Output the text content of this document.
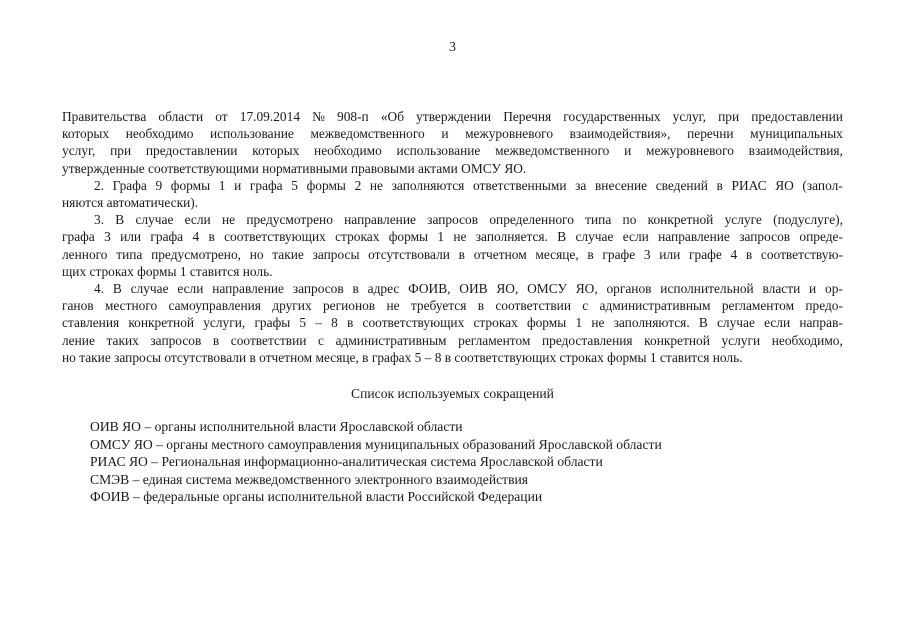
3
Правительства области от 17.09.2014 № 908-п «Об утверждении Перечня государственных услуг, при предоставлении
которых необходимо использование межведомственного и межуровневого взаимодействия», перечни муниципальных
услуг, при предоставлении которых необходимо использование межведомственного и межуровневого взаимодействия,
утвержденные соответствующими нормативными правовыми актами ОМСУ ЯО.
2. Графа 9 формы 1 и графа 5 формы 2 не заполняются ответственными за внесение сведений в РИАС ЯО (запол-
няются автоматически).
3. В случае если не предусмотрено направление запросов определенного типа по конкретной услуге (подуслуге),
графа 3 или графа 4 в соответствующих строках формы 1 не заполняется. В случае если направление запросов опреде-
ленного типа предусмотрено, но такие запросы отсутствовали в отчетном месяце, в графе 3 или графе 4 в соответствую-
щих строках формы 1 ставится ноль.
4. В случае если направление запросов в адрес ФОИВ, ОИВ ЯО, ОМСУ ЯО, органов исполнительной власти и ор-
ганов местного самоуправления других регионов не требуется в соответствии с административным регламентом предо-
ставления конкретной услуги, графы 5 – 8 в соответствующих строках формы 1 не заполняются. В случае если направ-
ление таких запросов в соответствии с административным регламентом предоставления конкретной услуги необходимо,
но такие запросы отсутствовали в отчетном месяце, в графах 5 – 8 в соответствующих строках формы 1 ставится ноль.
Список используемых сокращений
ОИВ ЯО – органы исполнительной власти Ярославской области
ОМСУ ЯО – органы местного самоуправления муниципальных образований Ярославской области
РИАС ЯО – Региональная информационно-аналитическая система Ярославской области
СМЭВ – единая система межведомственного электронного взаимодействия
ФОИВ – федеральные органы исполнительной власти Российской Федерации
